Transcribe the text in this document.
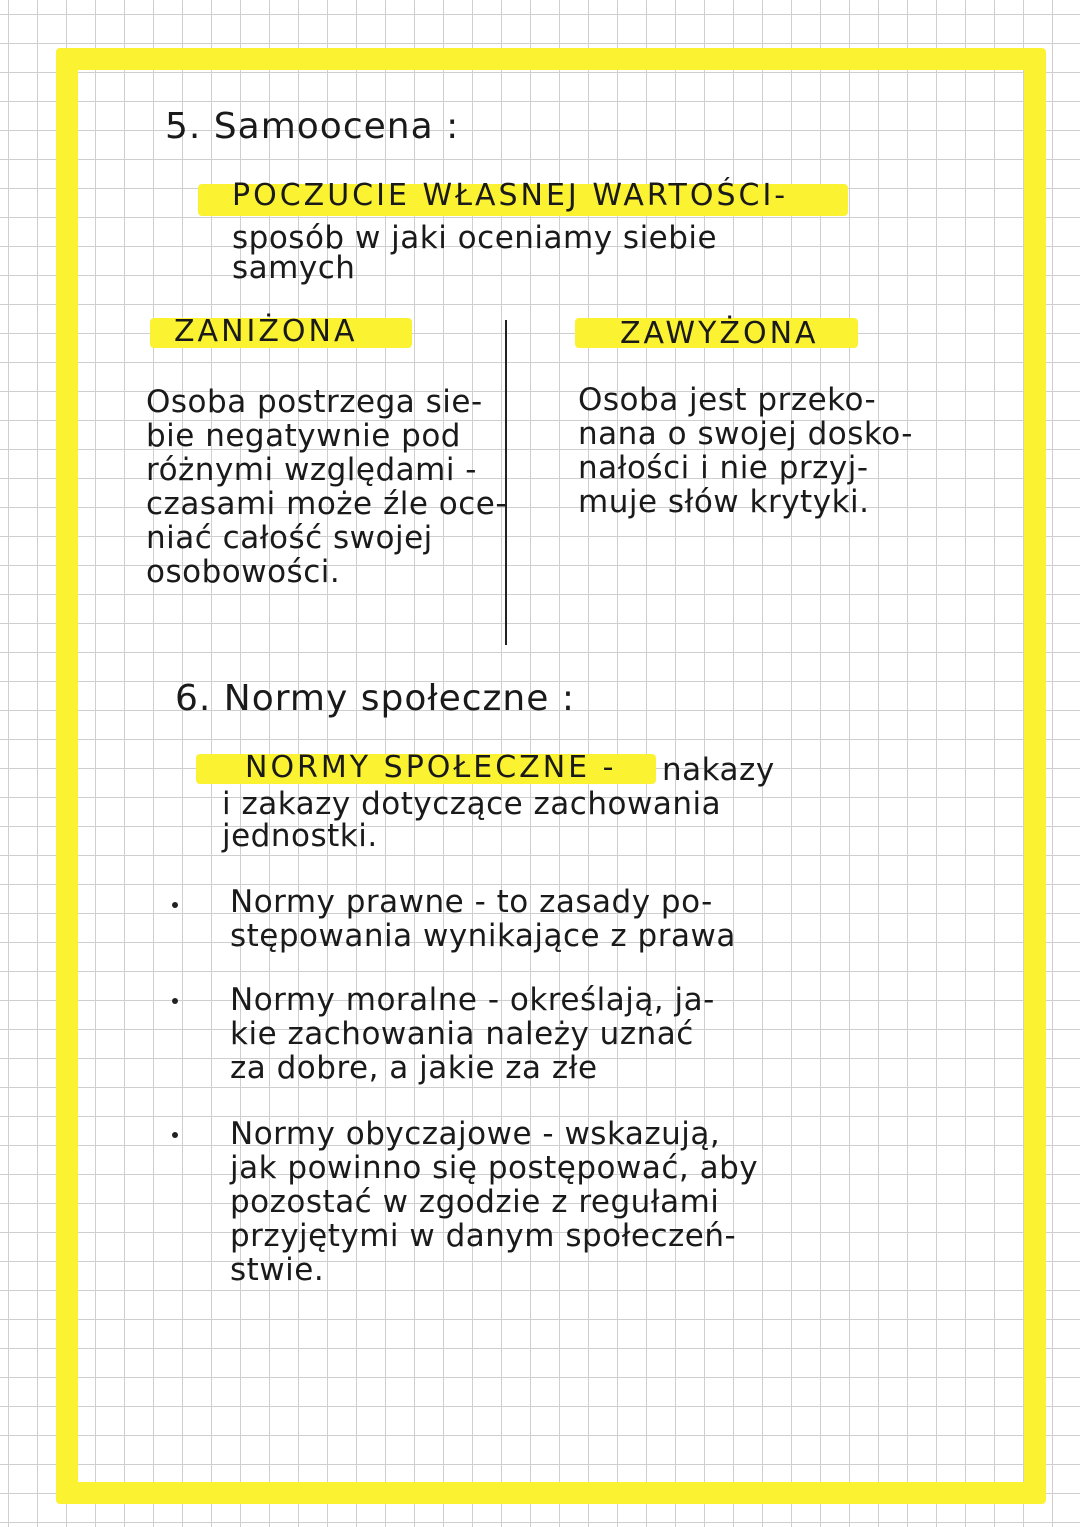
5. Samoocena :
POCZUCIE WŁASNEJ WARTOŚCI-
sposób w jaki oceniamy siebie
samych
ZANIŻONA	ZAWYŻONA
Osoba postrzega sie-
bie negatywnie pod
różnymi względami -
czasami może źle oce-
niać całość swojej
osobowości.
Osoba jest przeko-
nana o swojej dosko-
nałości i nie przyj-
muje słów krytyki.
6. Normy społeczne :
NORMY SPOŁECZNE - nakazy
i zakazy dotyczące zachowania
jednostki.
Normy prawne - to zasady po-
stępowania wynikające z prawa
Normy moralne - określają, ja-
kie zachowania należy uznać
za dobre, a jakie za złe
Normy obyczajowe - wskazują,
jak powinno się postępować, aby
pozostać w zgodzie z regułami
przyjętymi w danym społeczeń-
stwie.
